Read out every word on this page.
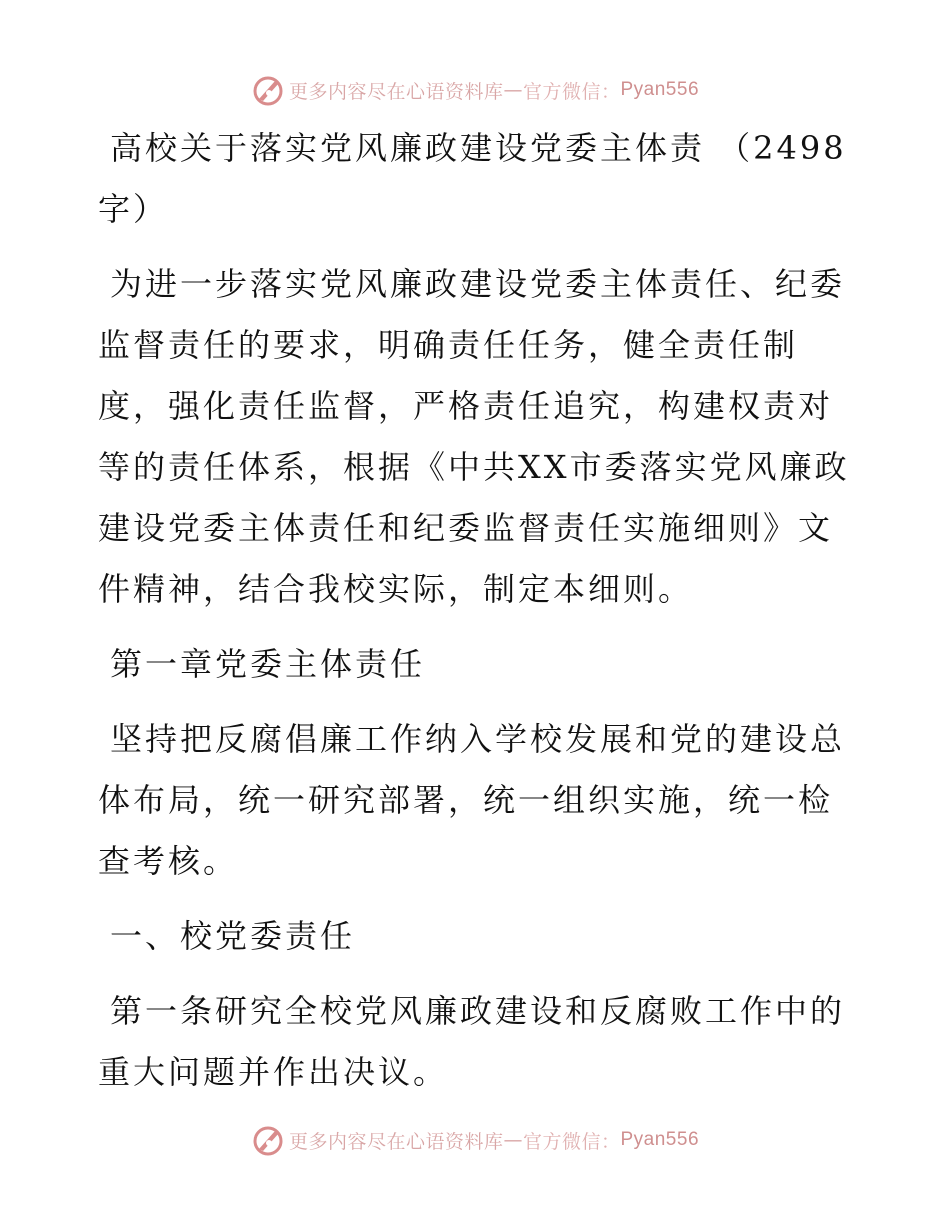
更多内容尽在心语资料库 — 官方微信： Pyan556

高校关于落实党风廉政建设党委主体责 （2498字）

为进一步落实党风廉政建设党委主体责任、纪委监督责任的要求，明确责任任务，健全责任制度，强化责任监督，严格责任追究，构建权责对等的责任体系，根据《中共XX市委落实党风廉政建设党委主体责任和纪委监督责任实施细则》文件精神，结合我校实际，制定本细则。

第一章党委主体责任

坚持把反腐倡廉工作纳入学校发展和党的建设总体布局，统一研究部署，统一组织实施，统一检查考核。

一、校党委责任

第一条研究全校党风廉政建设和反腐败工作中的重大问题并作出决议。

更多内容尽在心语资料库 — 官方微信： Pyan556
